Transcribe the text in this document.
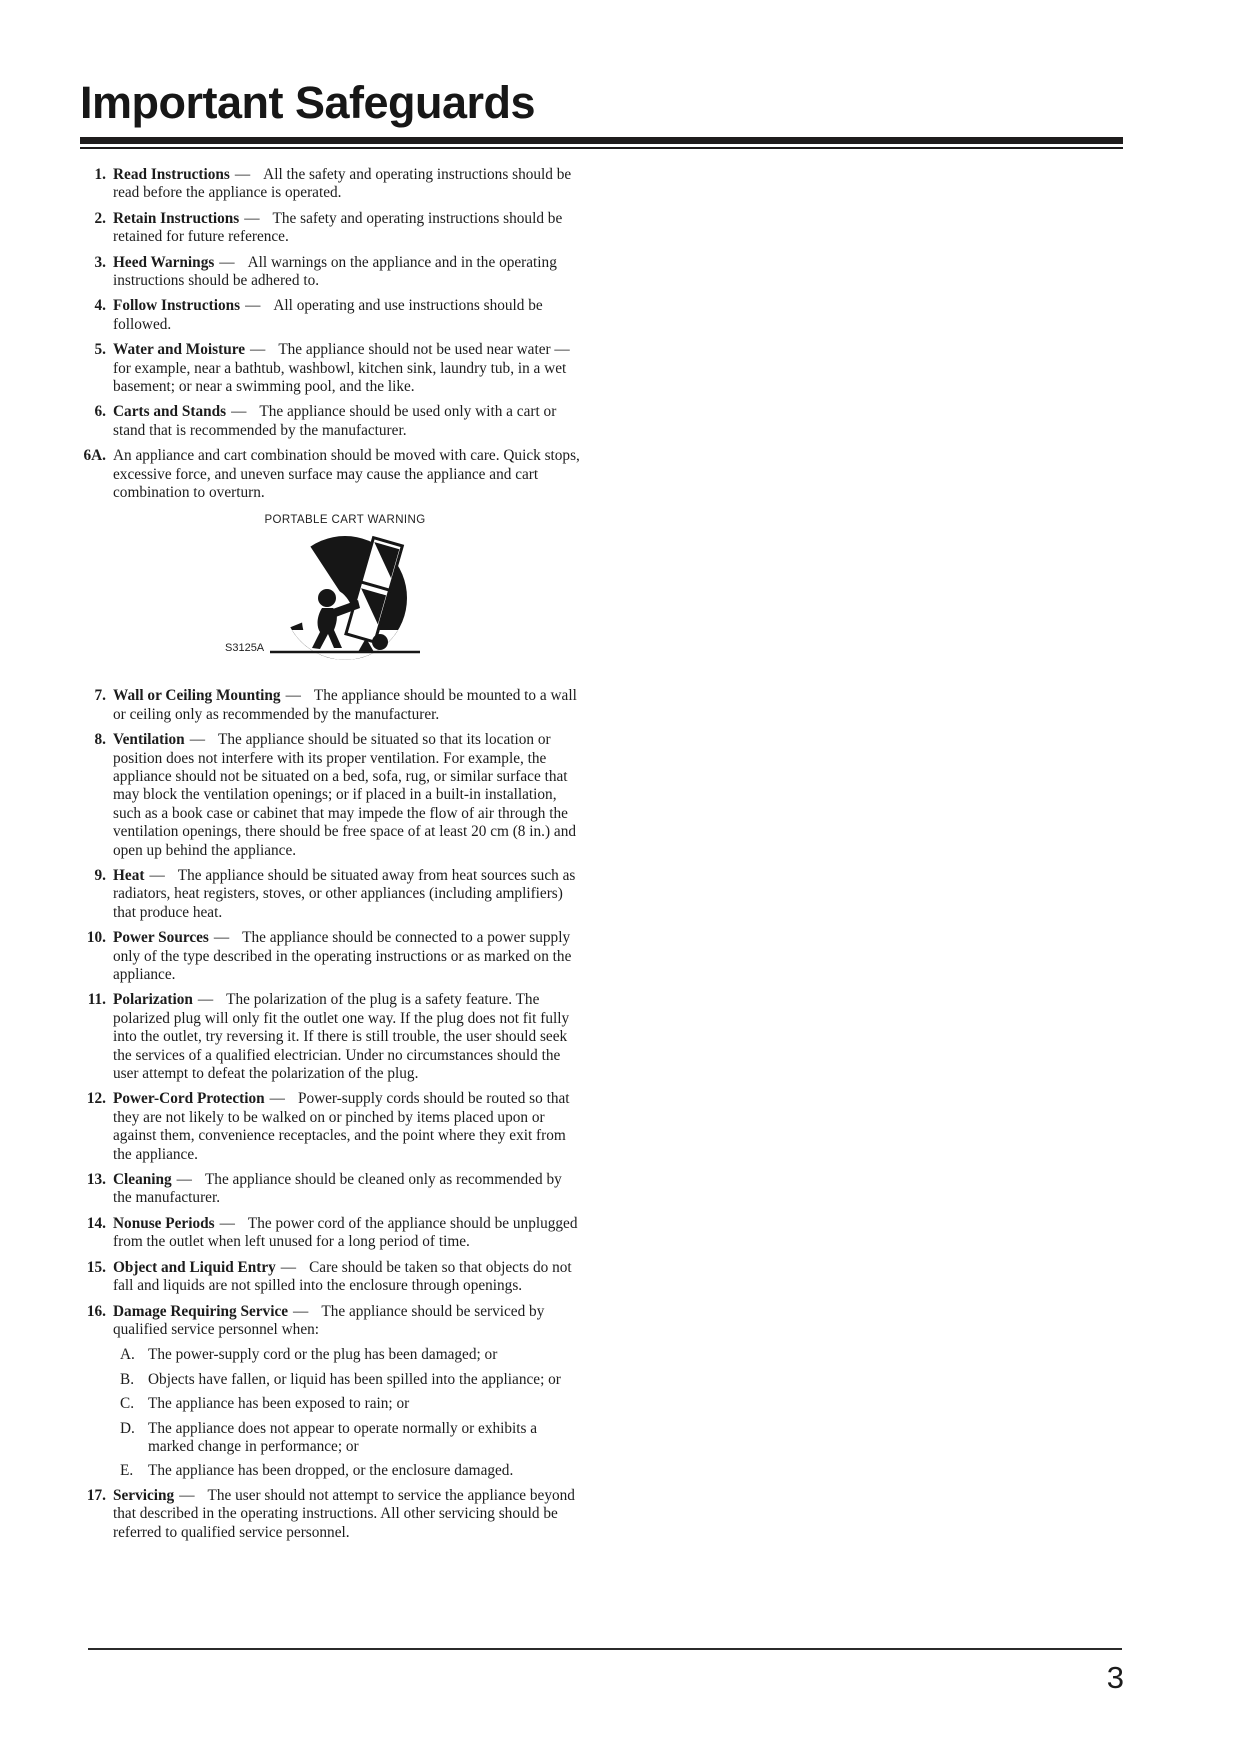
Important Safeguards
1. Read Instructions — All the safety and operating instructions should be read before the appliance is operated.

2. Retain Instructions — The safety and operating instructions should be retained for future reference.

3. Heed Warnings — All warnings on the appliance and in the operating instructions should be adhered to.

4. Follow Instructions — All operating and use instructions should be followed.

5. Water and Moisture — The appliance should not be used near water — for example, near a bathtub, washbowl, kitchen sink, laundry tub, in a wet basement; or near a swimming pool, and the like.

6. Carts and Stands — The appliance should be used only with a cart or stand that is recommended by the manufacturer.

6A. An appliance and cart combination should be moved with care. Quick stops, excessive force, and uneven surface may cause the appliance and cart combination to overturn.

PORTABLE CART WARNING
S3125A
7. Wall or Ceiling Mounting — The appliance should be mounted to a wall or ceiling only as recommended by the manufacturer.

8. Ventilation — The appliance should be situated so that its location or position does not interfere with its proper ventilation. For example, the appliance should not be situated on a bed, sofa, rug, or similar surface that may block the ventilation openings; or if placed in a built-in installation, such as a book case or cabinet that may impede the flow of air through the ventilation openings, there should be free space of at least 20 cm (8 in.) and open up behind the appliance.

9. Heat — The appliance should be situated away from heat sources such as radiators, heat registers, stoves, or other appliances (including amplifiers) that produce heat.

10. Power Sources — The appliance should be connected to a power supply only of the type described in the operating instructions or as marked on the appliance.

11. Polarization — The polarization of the plug is a safety feature. The polarized plug will only fit the outlet one way. If the plug does not fit fully into the outlet, try reversing it. If there is still trouble, the user should seek the services of a qualified electrician. Under no circumstances should the user attempt to defeat the polarization of the plug.

12. Power-Cord Protection — Power-supply cords should be routed so that they are not likely to be walked on or pinched by items placed upon or against them, convenience receptacles, and the point where they exit from the appliance.

13. Cleaning — The appliance should be cleaned only as recommended by the manufacturer.

14. Nonuse Periods — The power cord of the appliance should be unplugged from the outlet when left unused for a long period of time.

15. Object and Liquid Entry — Care should be taken so that objects do not fall and liquids are not spilled into the enclosure through openings.

16. Damage Requiring Service — The appliance should be serviced by qualified service personnel when:

A. The power-supply cord or the plug has been damaged; or

B. Objects have fallen, or liquid has been spilled into the appliance; or

C. The appliance has been exposed to rain; or

D. The appliance does not appear to operate normally or exhibits a marked change in performance; or

E. The appliance has been dropped, or the enclosure damaged.

17. Servicing — The user should not attempt to service the appliance beyond that described in the operating instructions. All other servicing should be referred to qualified service personnel.

3
